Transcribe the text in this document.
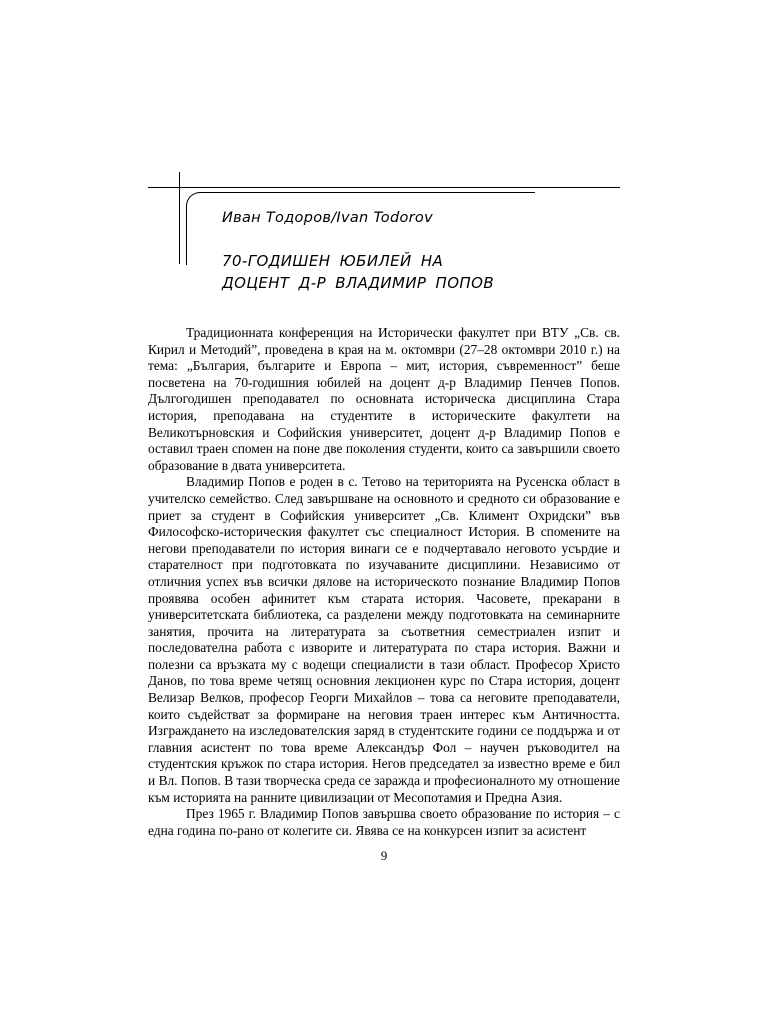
Иван Тодоров/Ivan Todorov
70-ГОДИШЕН ЮБИЛЕЙ НА
ДОЦЕНТ Д-Р ВЛАДИМИР ПОПОВ

Традиционната конференция на Исторически факултет при ВТУ „Св. св. Кирил и Методий”, проведена в края на м. октомври (27–28 октомври 2010 г.) на тема: „България, българите и Европа – мит, история, съвременност” беше посветена на 70-годишния юбилей на доцент д-р Владимир Пенчев Попов. Дългогодишен преподавател по основната историческа дисциплина Стара история, преподавана на студентите в историческите факултети на Великотърновския и Софийския университет, доцент д-р Владимир Попов е оставил траен спомен на поне две поколения студенти, които са завършили своето образование в двата университета.

Владимир Попов е роден в с. Тетово на територията на Русенска област в учителско семейство. След завършване на основното и средното си образование е приет за студент в Софийския университет „Св. Климент Охридски” във Философско-историческия факултет със специалност История. В спомените на негови преподаватели по история винаги се е подчертавало неговото усърдие и старателност при подготовката по изучаваните дисциплини. Независимо от отличния успех във всички дялове на историческото познание Владимир Попов проявява особен афинитет към старата история. Часовете, прекарани в университетската библиотека, са разделени между подготовката на семинарните занятия, прочита на литературата за съответния семестриален изпит и последователна работа с изворите и литературата по стара история. Важни и полезни са връзката му с водещи специалисти в тази област. Професор Христо Данов, по това време четящ основния лекционен курс по Стара история, доцент Велизар Велков, професор Георги Михайлов – това са неговите преподаватели, които съдействат за формиране на неговия траен интерес към Античността. Изграждането на изследователския заряд в студентските години се поддържа и от главния асистент по това време Александър Фол – научен ръководител на студентския кръжок по стара история. Негов председател за известно време е бил и Вл. Попов. В тази творческа среда се заражда и професионалното му отношение към историята на ранните цивилизации от Месопотамия и Предна Азия.

През 1965 г. Владимир Попов завършва своето образование по история – с една година по-рано от колегите си. Явява се на конкурсен изпит за асистент

9
